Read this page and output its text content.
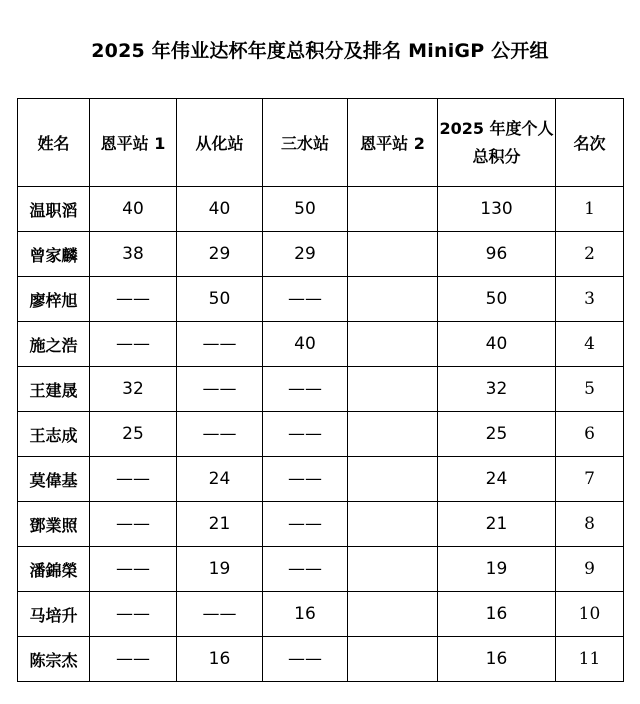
2025 年伟业达杯年度总积分及排名 MiniGP 公开组
姓名	恩平站 1	从化站	三水站	恩平站 2	2025 年度个人总积分	名次
温职滔	40	40	50		130	1
曾家麟	38	29	29		96	2
廖梓旭	——	50	——		50	3
施之浩	——	——	40		40	4
王建晟	32	——	——		32	5
王志成	25	——	——		25	6
莫偉基	——	24	——		24	7
鄧業照	——	21	——		21	8
潘錦榮	——	19	——		19	9
马培升	——	——	16		16	10
陈宗杰	——	16	——		16	11
